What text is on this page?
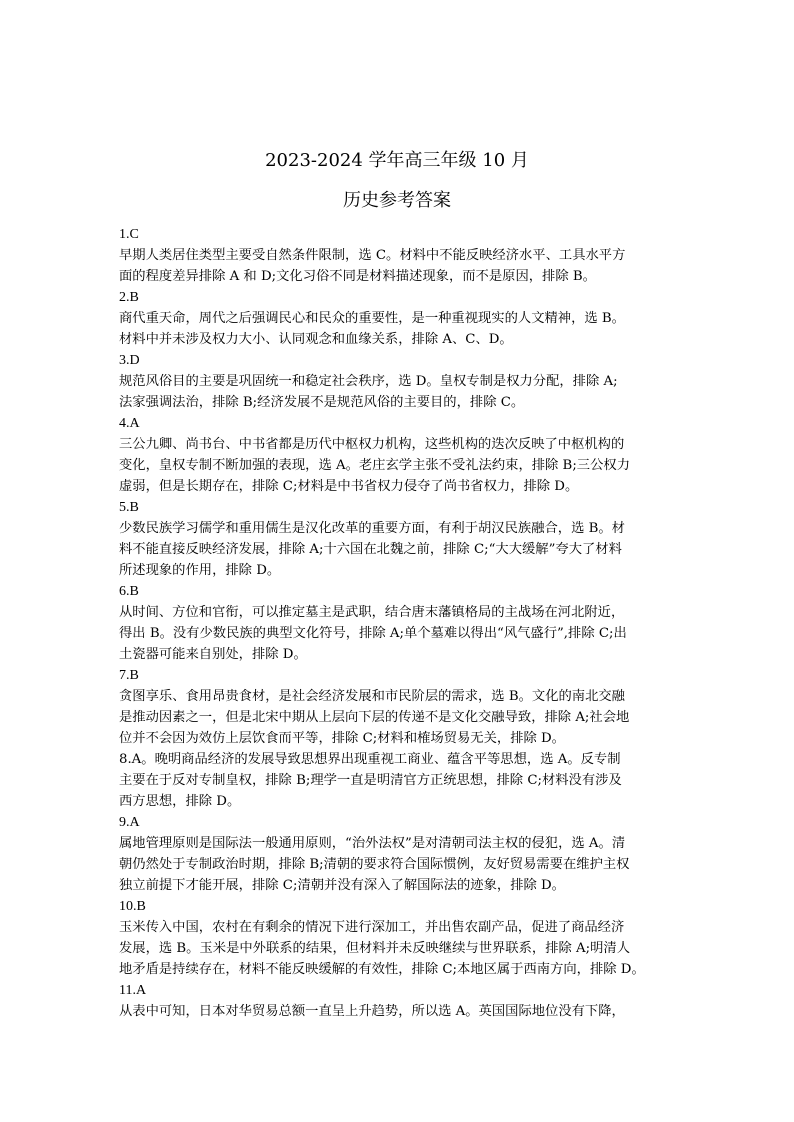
2023-2024 学年高三年级 10 月
历史参考答案
1.C
早期人类居住类型主要受自然条件限制，选 C。材料中不能反映经济水平、工具水平方
面的程度差异排除 A 和 D;文化习俗不同是材料描述现象，而不是原因，排除 B。
2.B
商代重天命，周代之后强调民心和民众的重要性，是一种重视现实的人文精神，选 B。
材料中并未涉及权力大小、认同观念和血缘关系，排除 A、C、D。
3.D
规范风俗目的主要是巩固统一和稳定社会秩序，选 D。皇权专制是权力分配，排除 A;
法家强调法治，排除 B;经济发展不是规范风俗的主要目的，排除 C。
4.A
三公九卿、尚书台、中书省都是历代中枢权力机构，这些机构的迭次反映了中枢机构的
变化，皇权专制不断加强的表现，选 A。老庄玄学主张不受礼法约束，排除 B;三公权力
虚弱，但是长期存在，排除 C;材料是中书省权力侵夺了尚书省权力，排除 D。
5.B
少数民族学习儒学和重用儒生是汉化改革的重要方面，有利于胡汉民族融合，选 B。材
料不能直接反映经济发展，排除 A;十六国在北魏之前，排除 C;“大大缓解”夸大了材料
所述现象的作用，排除 D。
6.B
从时间、方位和官衔，可以推定墓主是武职，结合唐末藩镇格局的主战场在河北附近，
得出 B。没有少数民族的典型文化符号，排除 A;单个墓难以得出“风气盛行”,排除 C;出
土瓷器可能来自别处，排除 D。
7.B
贪图享乐、食用昂贵食材，是社会经济发展和市民阶层的需求，选 B。文化的南北交融
是推动因素之一，但是北宋中期从上层向下层的传递不是文化交融导致，排除 A;社会地
位并不会因为效仿上层饮食而平等，排除 C;材料和榷场贸易无关，排除 D。
8.A。晚明商品经济的发展导致思想界出现重视工商业、蕴含平等思想，选 A。反专制
主要在于反对专制皇权，排除 B;理学一直是明清官方正统思想，排除 C;材料没有涉及
西方思想，排除 D。
9.A
属地管理原则是国际法一般通用原则，“治外法权”是对清朝司法主权的侵犯，选 A。清
朝仍然处于专制政治时期，排除 B;清朝的要求符合国际惯例，友好贸易需要在维护主权
独立前提下才能开展，排除 C;清朝并没有深入了解国际法的迹象，排除 D。
10.B
玉米传入中国，农村在有剩余的情况下进行深加工，并出售农副产品，促进了商品经济
发展，选 B。玉米是中外联系的结果，但材料并未反映继续与世界联系，排除 A;明清人
地矛盾是持续存在，材料不能反映缓解的有效性，排除 C;本地区属于西南方向，排除 D。
11.A
从表中可知，日本对华贸易总额一直呈上升趋势，所以选 A。英国国际地位没有下降，
